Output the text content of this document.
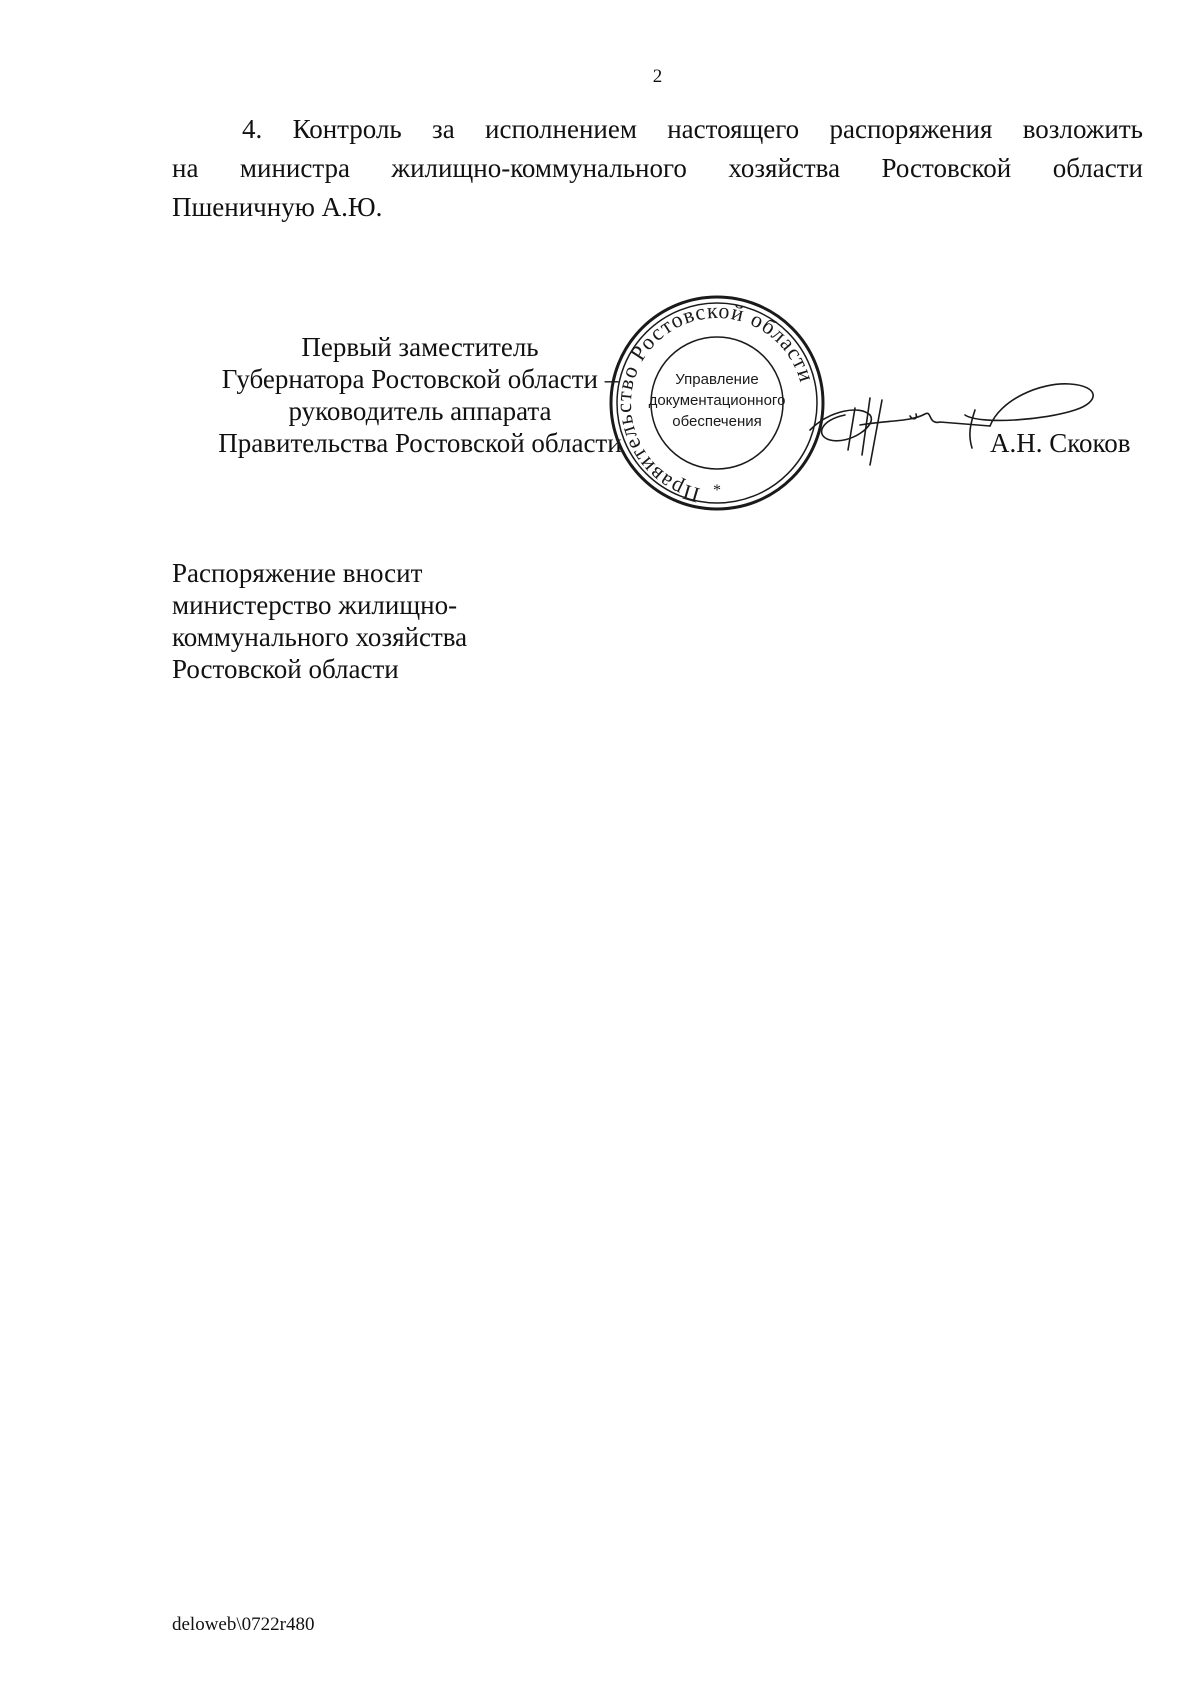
2
4. Контроль за исполнением настоящего распоряжения возложить
на министра жилищно-коммунального хозяйства Ростовской области
Пшеничную А.Ю.
Первый заместитель
Губернатора Ростовской области –
руководитель аппарата
Правительства Ростовской области
Правительство Ростовской области
Управление
документационного
обеспечения
*
А.Н. Скоков
Распоряжение вносит
министерство жилищно-
коммунального хозяйства
Ростовской области
deloweb\0722r480
